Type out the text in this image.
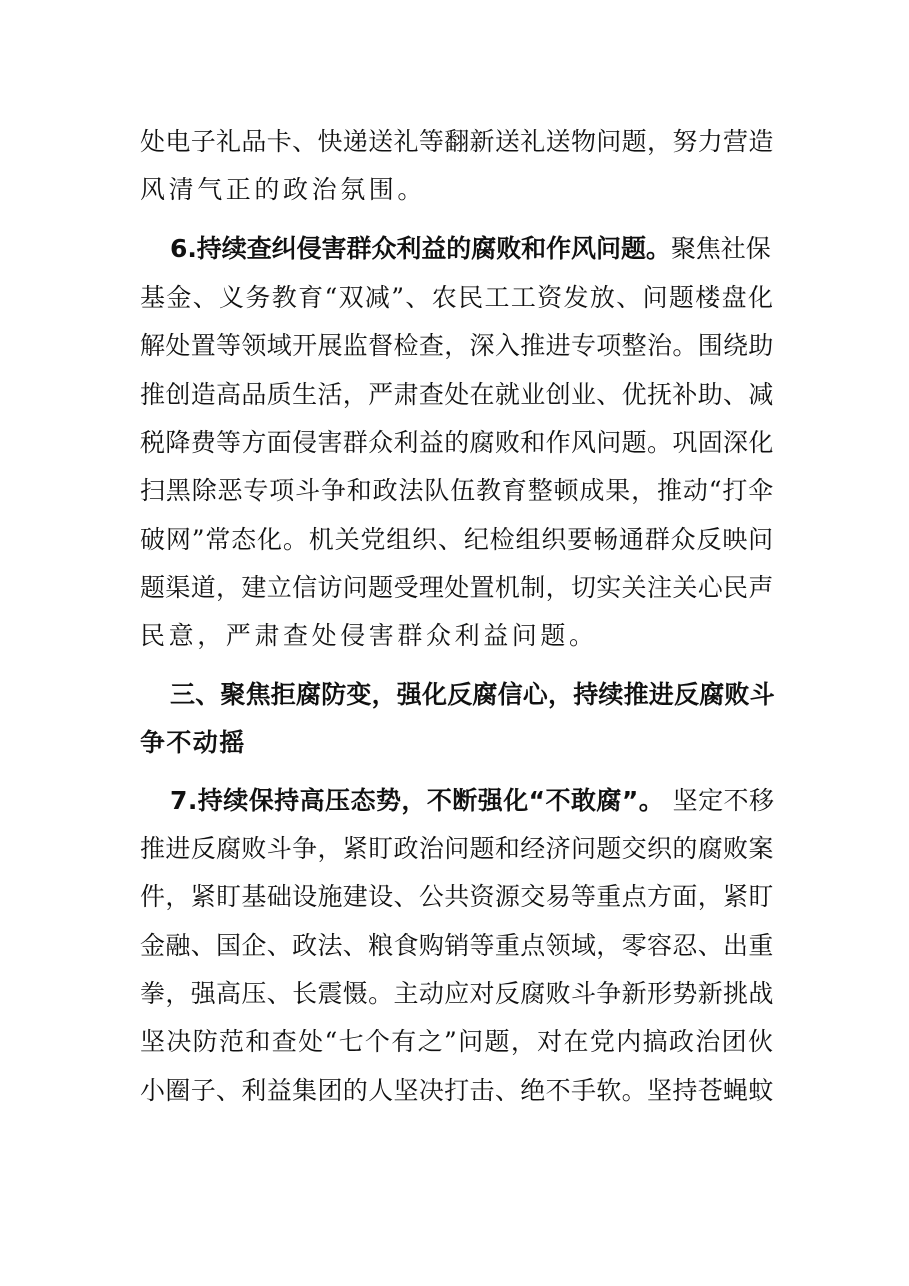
处电子礼品卡、快递送礼等翻新送礼送物问题，努力营造
风清气正的政治氛围。
6.持续查纠侵害群众利益的腐败和作风问题。聚焦社保
基金、义务教育“双减”、农民工工资发放、问题楼盘化
解处置等领域开展监督检查，深入推进专项整治。围绕助
推创造高品质生活，严肃查处在就业创业、优抚补助、减
税降费等方面侵害群众利益的腐败和作风问题。巩固深化
扫黑除恶专项斗争和政法队伍教育整顿成果，推动“打伞
破网”常态化。机关党组织、纪检组织要畅通群众反映问
题渠道，建立信访问题受理处置机制，切实关注关心民声
民意，严肃查处侵害群众利益问题。
三、聚焦拒腐防变，强化反腐信心，持续推进反腐败斗
争不动摇
7.持续保持高压态势，不断强化“不敢腐”。 坚定不移
推进反腐败斗争，紧盯政治问题和经济问题交织的腐败案
件，紧盯基础设施建设、公共资源交易等重点方面，紧盯
金融、国企、政法、粮食购销等重点领域，零容忍、出重
拳，强高压、长震慑。主动应对反腐败斗争新形势新挑战
坚决防范和查处“七个有之”问题，对在党内搞政治团伙
小圈子、利益集团的人坚决打击、绝不手软。坚持苍蝇蚊
